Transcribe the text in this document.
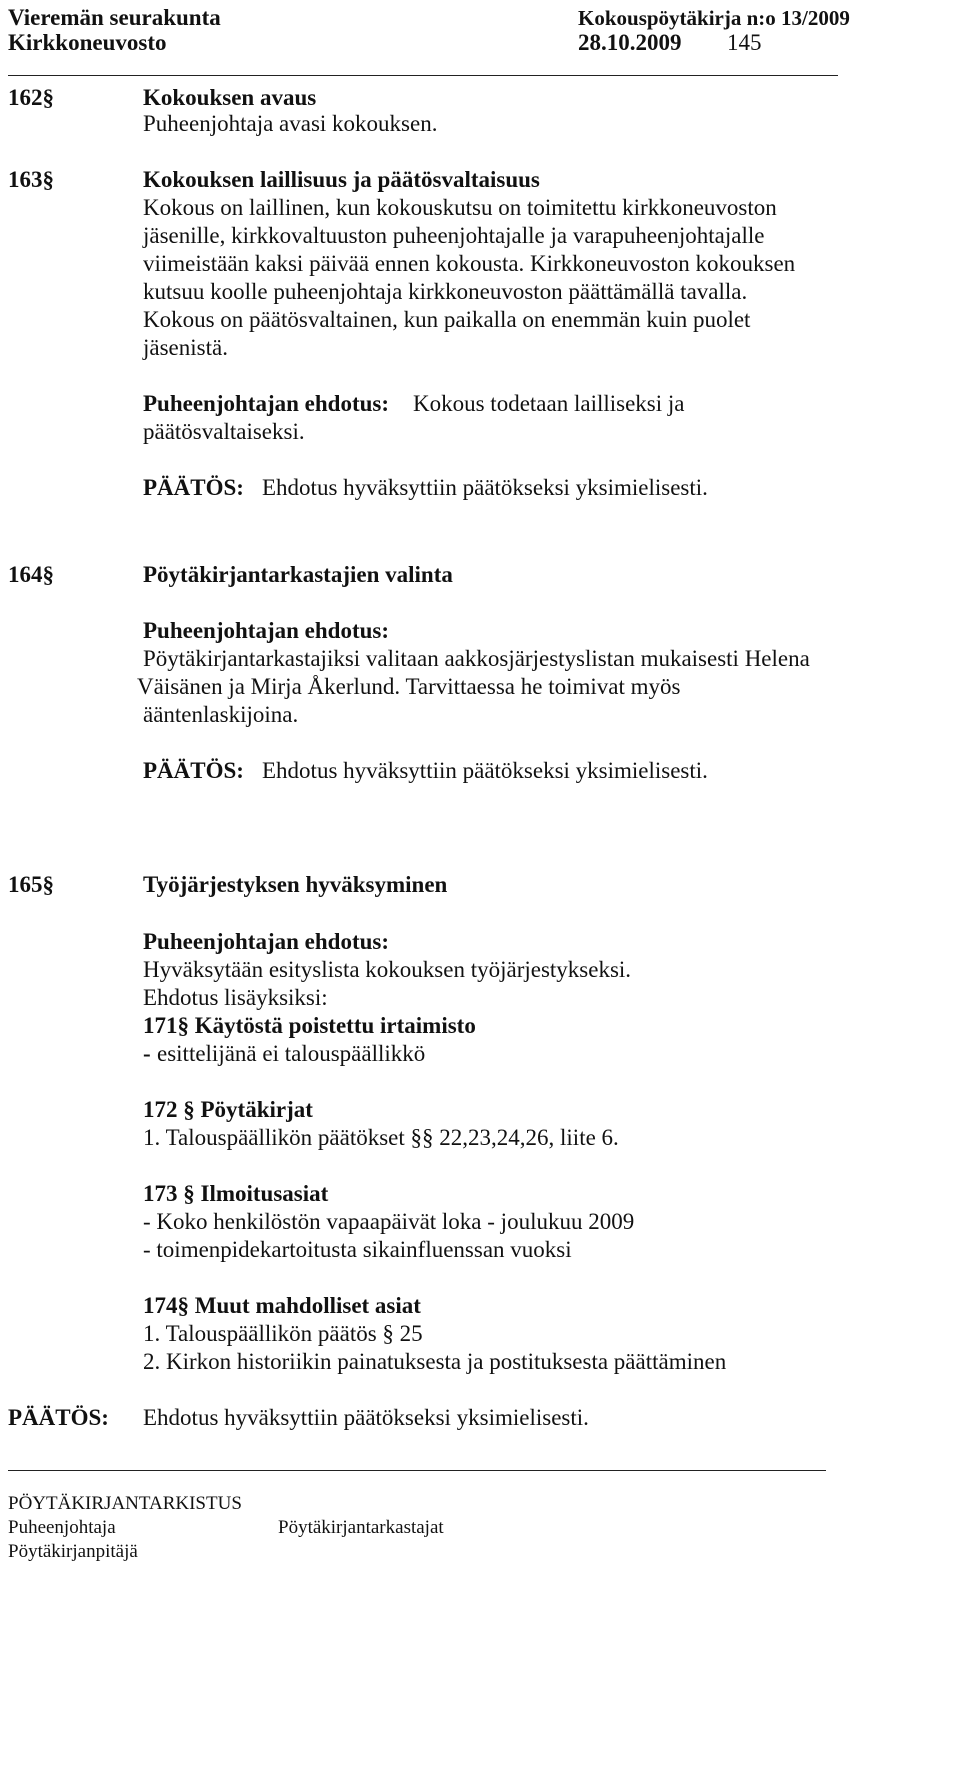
Vieremän seurakunta	Kokouspöytäkirja n:o 13/2009
Kirkkoneuvosto	28.10.2009 145
162§	Kokouksen avaus
Puheenjohtaja avasi kokouksen.
163§	Kokouksen laillisuus ja päätösvaltaisuus
Kokous on laillinen, kun kokouskutsu on toimitettu kirkkoneuvoston
jäsenille, kirkkovaltuuston puheenjohtajalle ja varapuheenjohtajalle
viimeistään kaksi päivää ennen kokousta. Kirkkoneuvoston kokouksen
kutsuu koolle puheenjohtaja kirkkoneuvoston päättämällä tavalla.
Kokous on päätösvaltainen, kun paikalla on enemmän kuin puolet
jäsenistä.
Puheenjohtajan ehdotus: Kokous todetaan lailliseksi ja
päätösvaltaiseksi.
PÄÄTÖS: Ehdotus hyväksyttiin päätökseksi yksimielisesti.
164§	Pöytäkirjantarkastajien valinta
Puheenjohtajan ehdotus:
Pöytäkirjantarkastajiksi valitaan aakkosjärjestyslistan mukaisesti Helena
Väisänen ja Mirja Åkerlund. Tarvittaessa he toimivat myös
ääntenlaskijoina.
PÄÄTÖS: Ehdotus hyväksyttiin päätökseksi yksimielisesti.
165§	Työjärjestyksen hyväksyminen
Puheenjohtajan ehdotus:
Hyväksytään esityslista kokouksen työjärjestykseksi.
Ehdotus lisäyksiksi:
171§ Käytöstä poistettu irtaimisto
- esittelijänä ei talouspäällikkö
172 § Pöytäkirjat
1. Talouspäällikön päätökset §§ 22,23,24,26, liite 6.
173 § Ilmoitusasiat
- Koko henkilöstön vapaapäivät loka - joulukuu 2009
- toimenpidekartoitusta sikainfluenssan vuoksi
174§ Muut mahdolliset asiat
1. Talouspäällikön päätös § 25
2. Kirkon historiikin painatuksesta ja postituksesta päättäminen
PÄÄTÖS: Ehdotus hyväksyttiin päätökseksi yksimielisesti.
PÖYTÄKIRJANTARKISTUS
Puheenjohtaja	Pöytäkirjantarkastajat
Pöytäkirjanpitäjä
